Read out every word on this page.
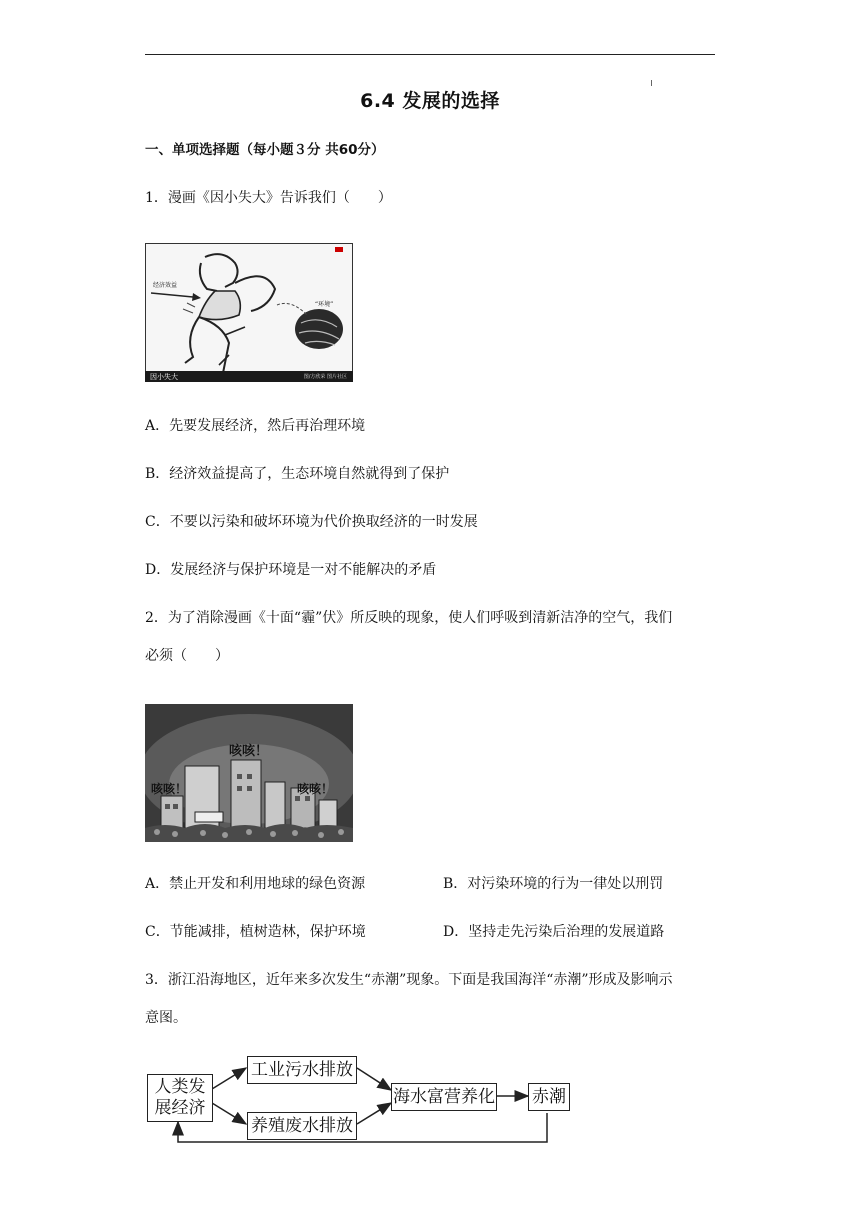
6.4 发展的选择
一、单项选择题（每小题３分 共60分）
1．漫画《因小失大》告诉我们（　　）
经济效益
“环境”
因小失大	图/方欣荣 图片社区
A．先要发展经济，然后再治理环境
B．经济效益提高了，生态环境自然就得到了保护
C．不要以污染和破坏环境为代价换取经济的一时发展
D．发展经济与保护环境是一对不能解决的矛盾
2．为了消除漫画《十面“霾”伏》所反映的现象，使人们呼吸到清新洁净的空气，我们
必须（　　）
咳咳！
咳咳！	咳咳！
A．禁止开发和利用地球的绿色资源	B．对污染环境的行为一律处以刑罚
C．节能减排，植树造林，保护环境	D．坚持走先污染后治理的发展道路
3．浙江沿海地区，近年来多次发生“赤潮”现象。下面是我国海洋“赤潮”形成及影响示
意图。
人类发
展经济
工业污水排放
养殖废水排放
海水富营养化 赤潮
